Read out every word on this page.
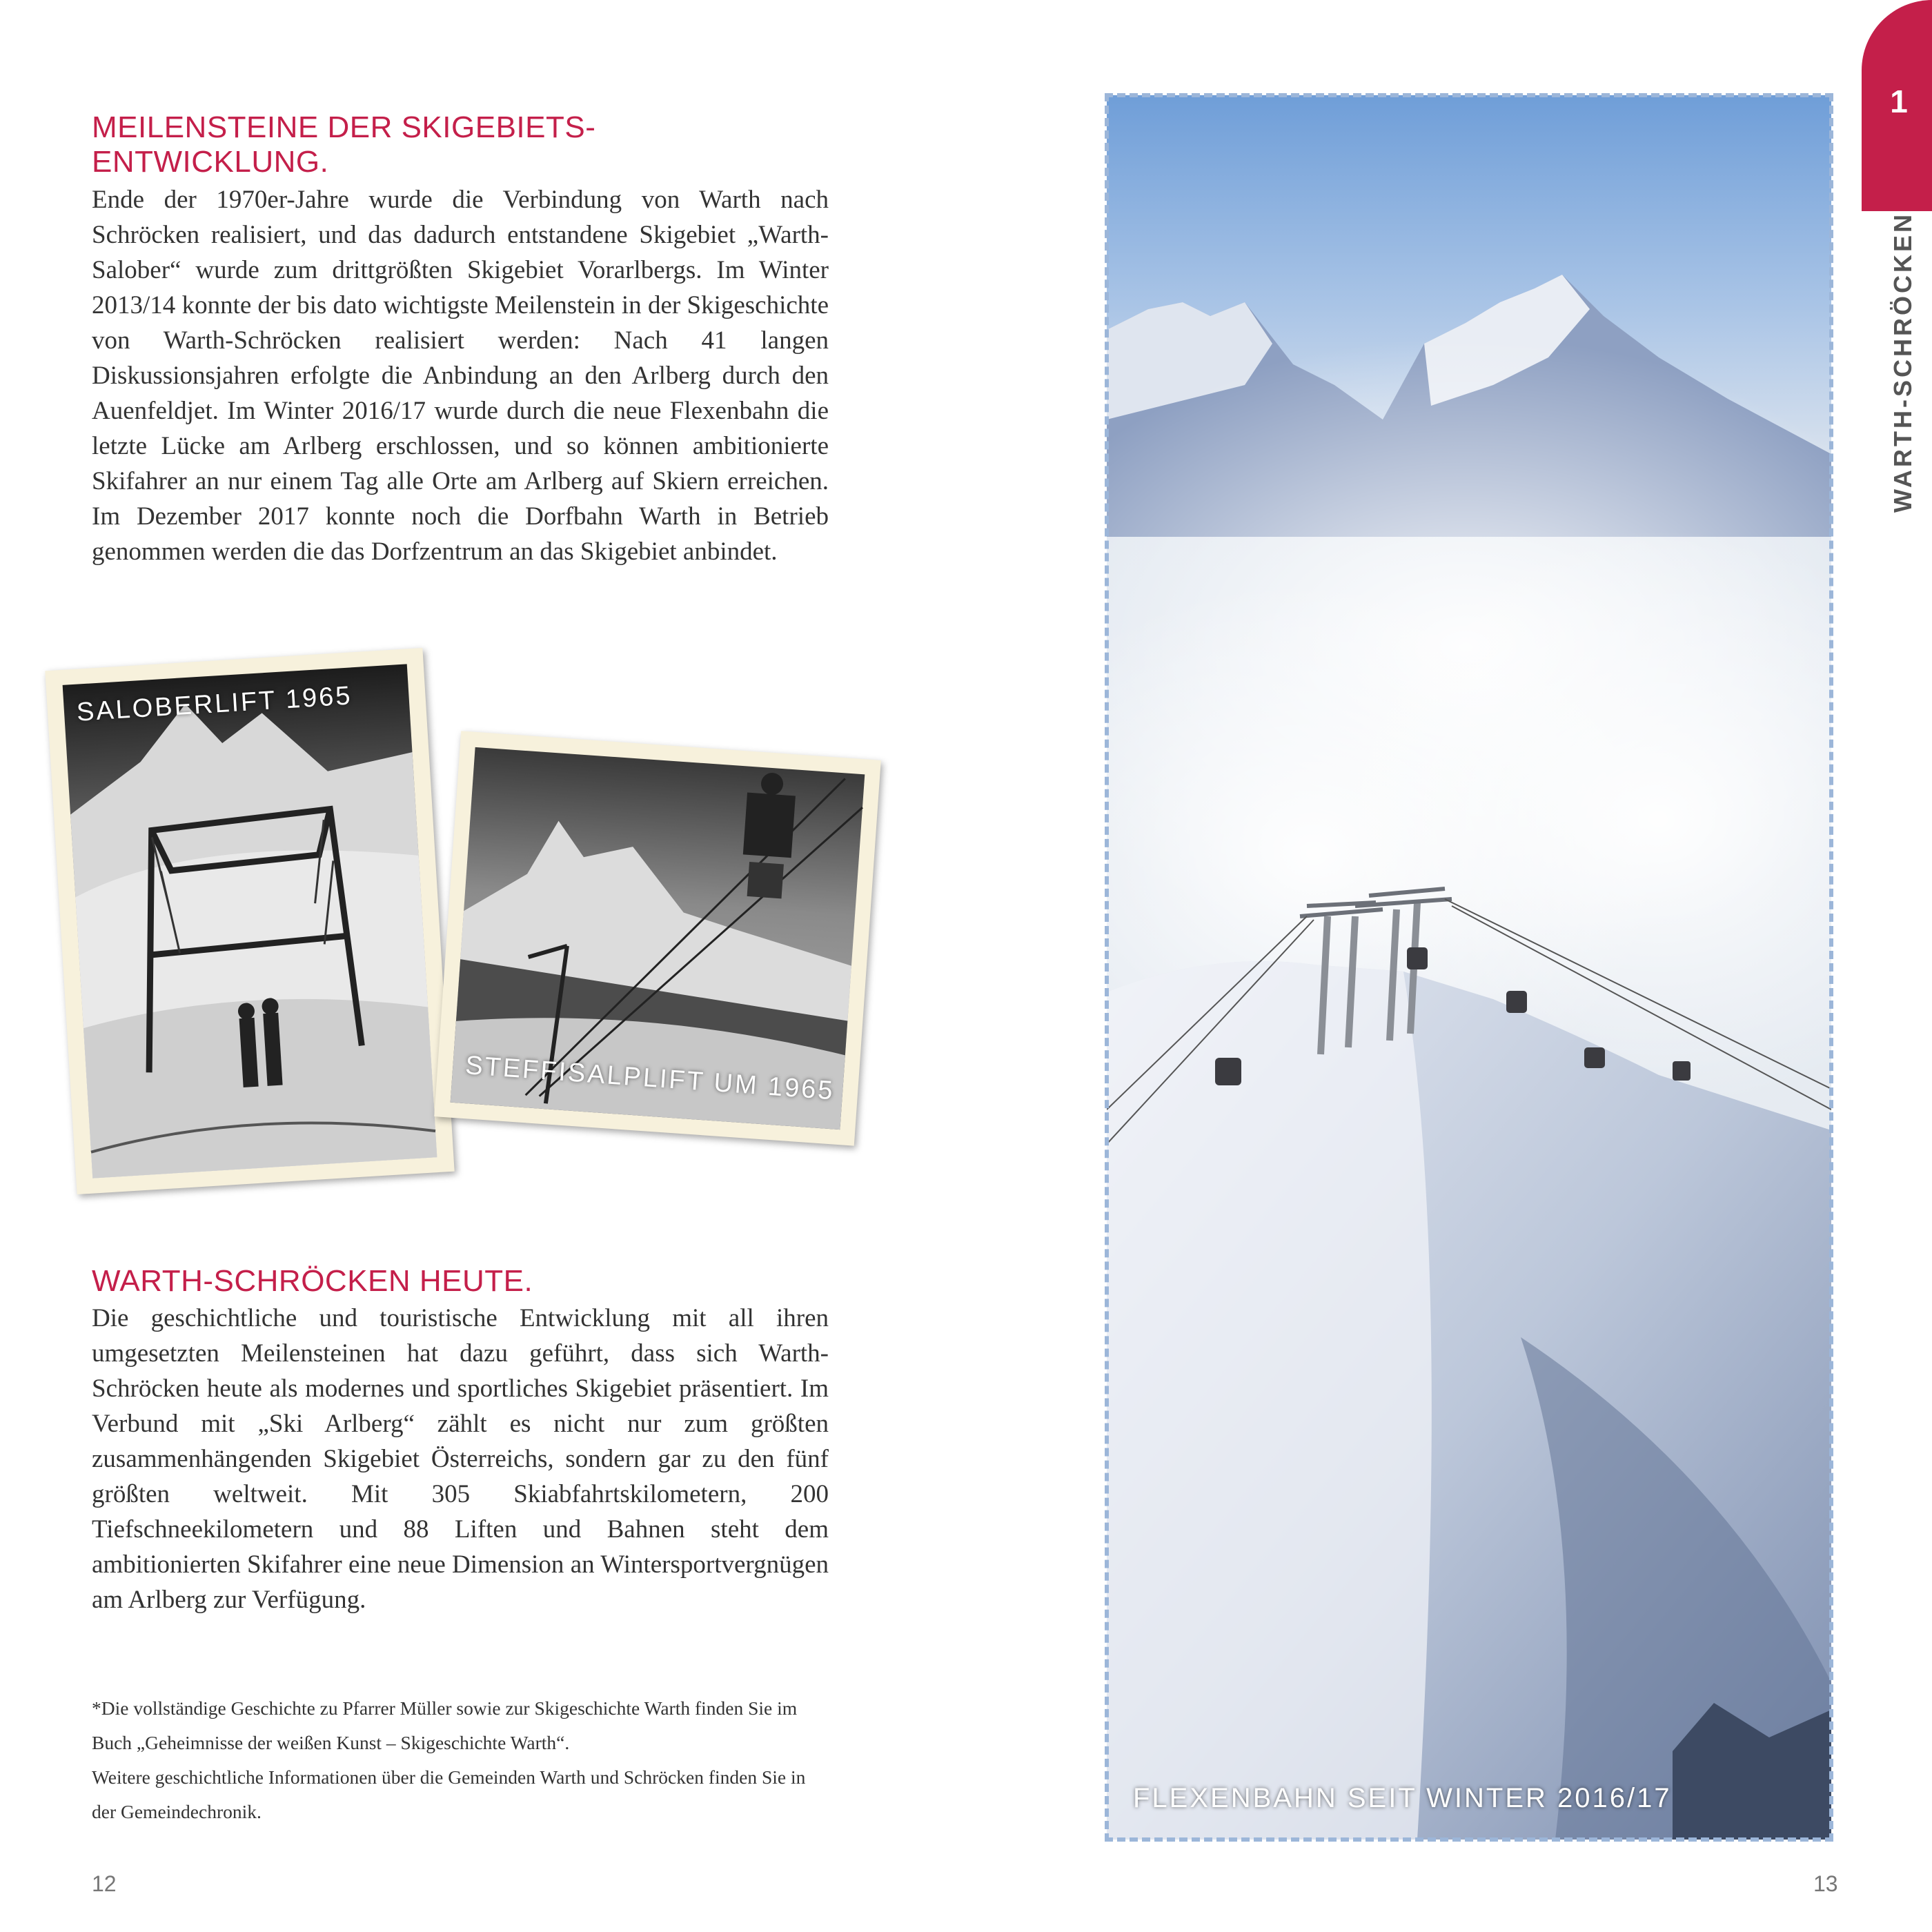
MEILENSTEINE DER SKIGEBIETS-
ENTWICKLUNG.

Ende der 1970er-Jahre wurde die Verbindung von Warth nach Schröcken realisiert, und das dadurch entstandene Skigebiet „Warth-Salober“ wurde zum drittgrößten Skigebiet Vorarlbergs. Im Winter 2013/14 konnte der bis dato wichtigste Meilenstein in der Skigeschichte von Warth-Schröcken realisiert werden: Nach 41 langen Diskussionsjahren erfolgte die Anbindung an den Arlberg durch den Auenfeldjet. Im Winter 2016/17 wurde durch die neue Flexenbahn die letzte Lücke am Arlberg erschlossen, und so können ambitionierte Skifahrer an nur einem Tag alle Orte am Arlberg auf Skiern erreichen. Im Dezember 2017 konnte noch die Dorfbahn Warth in Betrieb genommen werden die das Dorfzentrum an das Skigebiet anbindet.

SALOBERLIFT 1965
STEFFISALPLIFT UM 1965
WARTH-SCHRÖCKEN HEUTE.

Die geschichtliche und touristische Entwicklung mit all ihren umgesetzten Meilensteinen hat dazu geführt, dass sich Warth-Schröcken heute als modernes und sportliches Skigebiet präsentiert. Im Verbund mit „Ski Arlberg“ zählt es nicht nur zum größten zusammenhängenden Skigebiet Österreichs, sondern gar zu den fünf größten weltweit. Mit 305 Skiabfahrtskilometern, 200 Tiefschneekilometern und 88 Liften und Bahnen steht dem ambitionierten Skifahrer eine neue Dimension an Wintersportvergnügen am Arlberg zur Verfügung.

*Die vollständige Geschichte zu Pfarrer Müller sowie zur Skigeschichte Warth finden Sie im Buch „Geheimnisse der weißen Kunst – Skigeschichte Warth“.

Weitere geschichtliche Informationen über die Gemeinden Warth und Schröcken finden Sie in der Gemeindechronik.

12
FLEXENBAHN SEIT WINTER 2016/17
1
WARTH-SCHRÖCKEN
13
